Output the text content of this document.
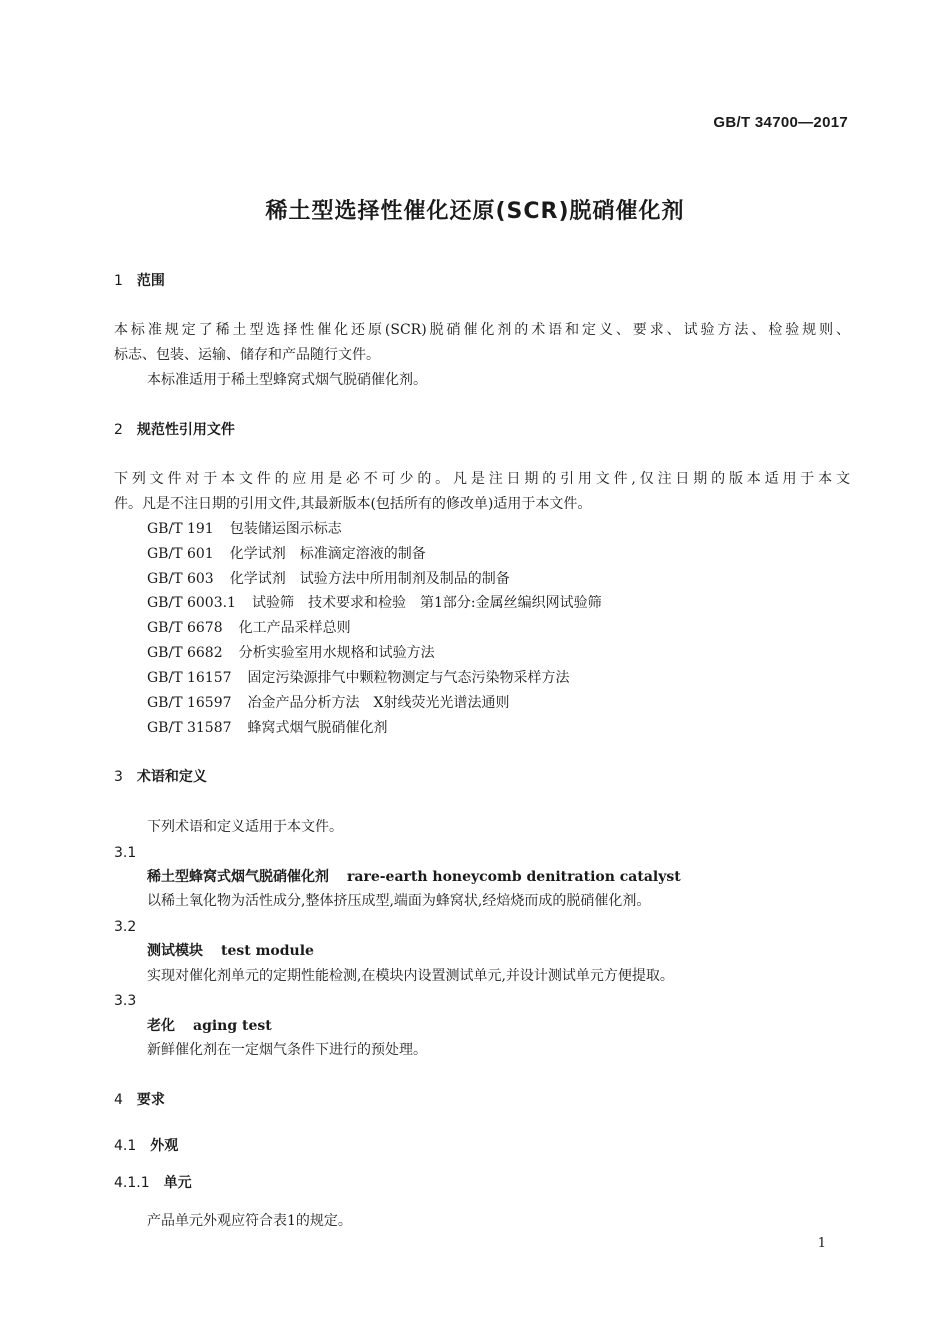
GB/T 34700—2017
稀土型选择性催化还原(SCR)脱硝催化剂
1 范围
本标准规定了稀土型选择性催化还原(SCR)脱硝催化剂的术语和定义、要求、试验方法、检验规则、
标志、包装、运输、储存和产品随行文件。
本标准适用于稀土型蜂窝式烟气脱硝催化剂。
2 规范性引用文件
下列文件对于本文件的应用是必不可少的。凡是注日期的引用文件,仅注日期的版本适用于本文
件。凡是不注日期的引用文件,其最新版本(包括所有的修改单)适用于本文件。
GB/T 191 包装储运图示标志
GB/T 601 化学试剂　标准滴定溶液的制备
GB/T 603 化学试剂　试验方法中所用制剂及制品的制备
GB/T 6003.1 试验筛　技术要求和检验　第1部分:金属丝编织网试验筛
GB/T 6678 化工产品采样总则
GB/T 6682 分析实验室用水规格和试验方法
GB/T 16157 固定污染源排气中颗粒物测定与气态污染物采样方法
GB/T 16597 冶金产品分析方法　X射线荧光光谱法通则
GB/T 31587 蜂窝式烟气脱硝催化剂
3 术语和定义
下列术语和定义适用于本文件。
3.1
稀土型蜂窝式烟气脱硝催化剂 rare-earth honeycomb denitration catalyst
以稀土氧化物为活性成分,整体挤压成型,端面为蜂窝状,经焙烧而成的脱硝催化剂。
3.2
测试模块 test module
实现对催化剂单元的定期性能检测,在模块内设置测试单元,并设计测试单元方便提取。
3.3
老化 aging test
新鲜催化剂在一定烟气条件下进行的预处理。
4 要求
4.1 外观
4.1.1 单元
产品单元外观应符合表1的规定。
1
